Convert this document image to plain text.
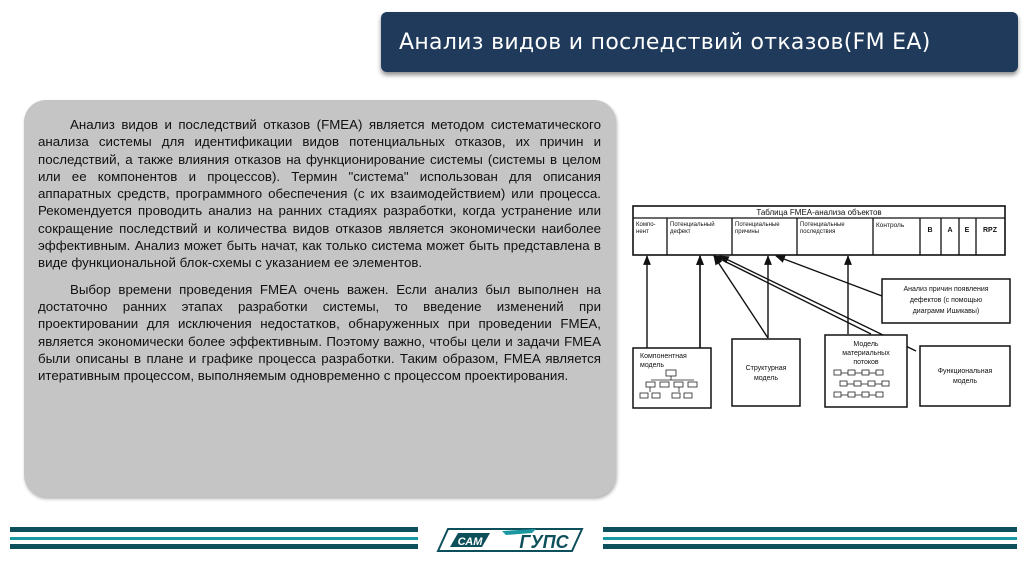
Анализ видов и последствий отказов(FM EA)

Анализ видов и последствий отказов (FMEA) является методом систематического анализа системы для идентификации видов потенциальных отказов, их причин и последствий, а также влияния отказов на функционирование системы (системы в целом или ее компонентов и процессов). Термин "система" использован для описания аппаратных средств, программного обеспечения (с их взаимодействием) или процесса. Рекомендуется проводить анализ на ранних стадиях разработки, когда устранение или сокращение последствий и количества видов отказов является экономически наиболее эффективным. Анализ может быть начат, как только система может быть представлена в виде функциональной блок-схемы с указанием ее элементов.

Выбор времени проведения FMEA очень важен. Если анализ был выполнен на достаточно ранних этапах разработки системы, то введение изменений при проектировании для исключения недостатков, обнаруженных при проведении FMEA, является экономически более эффективным. Поэтому важно, чтобы цели и задачи FMEA были описаны в плане и графике процесса разработки. Таким образом, FMEA является итеративным процессом, выполняемым одновременно с процессом проектирования.

Таблица FMEA-анализа объектов
Компо-
нент
Потенциальный
дефект
Потенциальные
причины
Потенциальные
последствия
Контроль
B A E RPZ
Анализ причин появления
дефектов (с помощью
диаграмм Ишикавы)
Компонентная
модель	Структурная
модель
Модель
материальных
потоков
Функциональная
модель
САМ ГУПС
